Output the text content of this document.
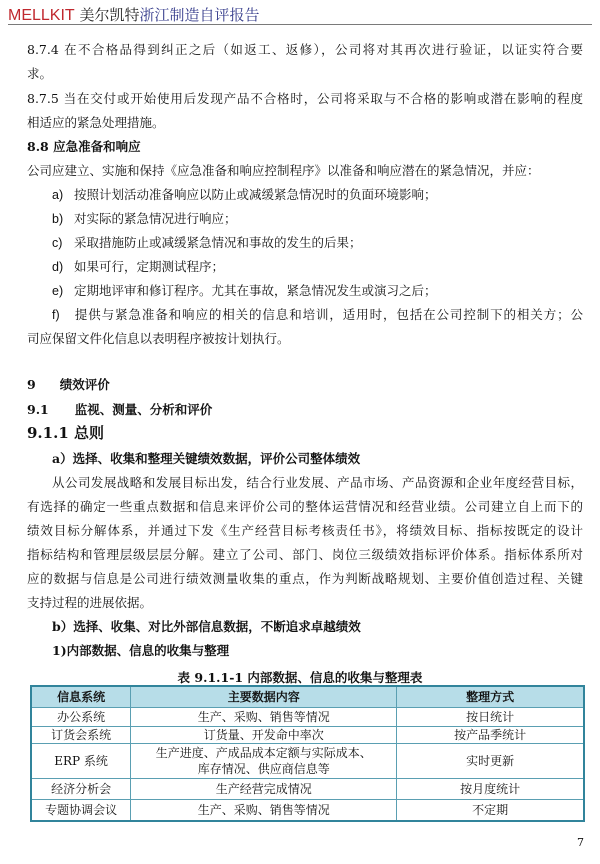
MELLKIT 美尔凯特浙江制造自评报告
8.7.4 在不合格品得到纠正之后（如返工、返修），公司将对其再次进行验证，以证实符合要
求。
8.7.5 当在交付或开始使用后发现产品不合格时，公司将采取与不合格的影响或潜在影响的程度
相适应的紧急处理措施。
8.8 应急准备和响应
公司应建立、实施和保持《应急准备和响应控制程序》以准备和响应潜在的紧急情况，并应：
a) 按照计划活动准备响应以防止或减缓紧急情况时的负面环境影响；
b) 对实际的紧急情况进行响应；
c) 采取措施防止或减缓紧急情况和事故的发生的后果；
d) 如果可行，定期测试程序；
e) 定期地评审和修订程序。尤其在事故，紧急情况发生或演习之后；
f) 提供与紧急准备和响应的相关的信息和培训，适用时，包括在公司控制下的相关方；公
司应保留文件化信息以表明程序被按计划执行。
9 绩效评价
9.1 监视、测量、分析和评价
9.1.1 总则
a）选择、收集和整理关键绩效数据，评价公司整体绩效
从公司发展战略和发展目标出发，结合行业发展、产品市场、产品资源和企业年度经营目标，
有选择的确定一些重点数据和信息来评价公司的整体运营情况和经营业绩。公司建立自上而下的
绩效目标分解体系，并通过下发《生产经营目标考核责任书》，将绩效目标、指标按既定的设计
指标结构和管理层级层层分解。建立了公司、部门、岗位三级绩效指标评价体系。指标体系所对
应的数据与信息是公司进行绩效测量收集的重点，作为判断战略规划、主要价值创造过程、关键
支持过程的进展依据。
b）选择、收集、对比外部信息数据，不断追求卓越绩效
1)内部数据、信息的收集与整理
表 9.1.1-1 内部数据、信息的收集与整理表
信息系统	主要数据内容	整理方式
办公系统	生产、采购、销售等情况	按日统计
订货会系统	订货量、开发命中率次	按产品季统计
ERP 系统	生产进度、产成品成本定额与实际成本、库存情况、供应商信息等	实时更新
经济分析会	生产经营完成情况	按月度统计
专题协调会议	生产、采购、销售等情况	不定期
7
